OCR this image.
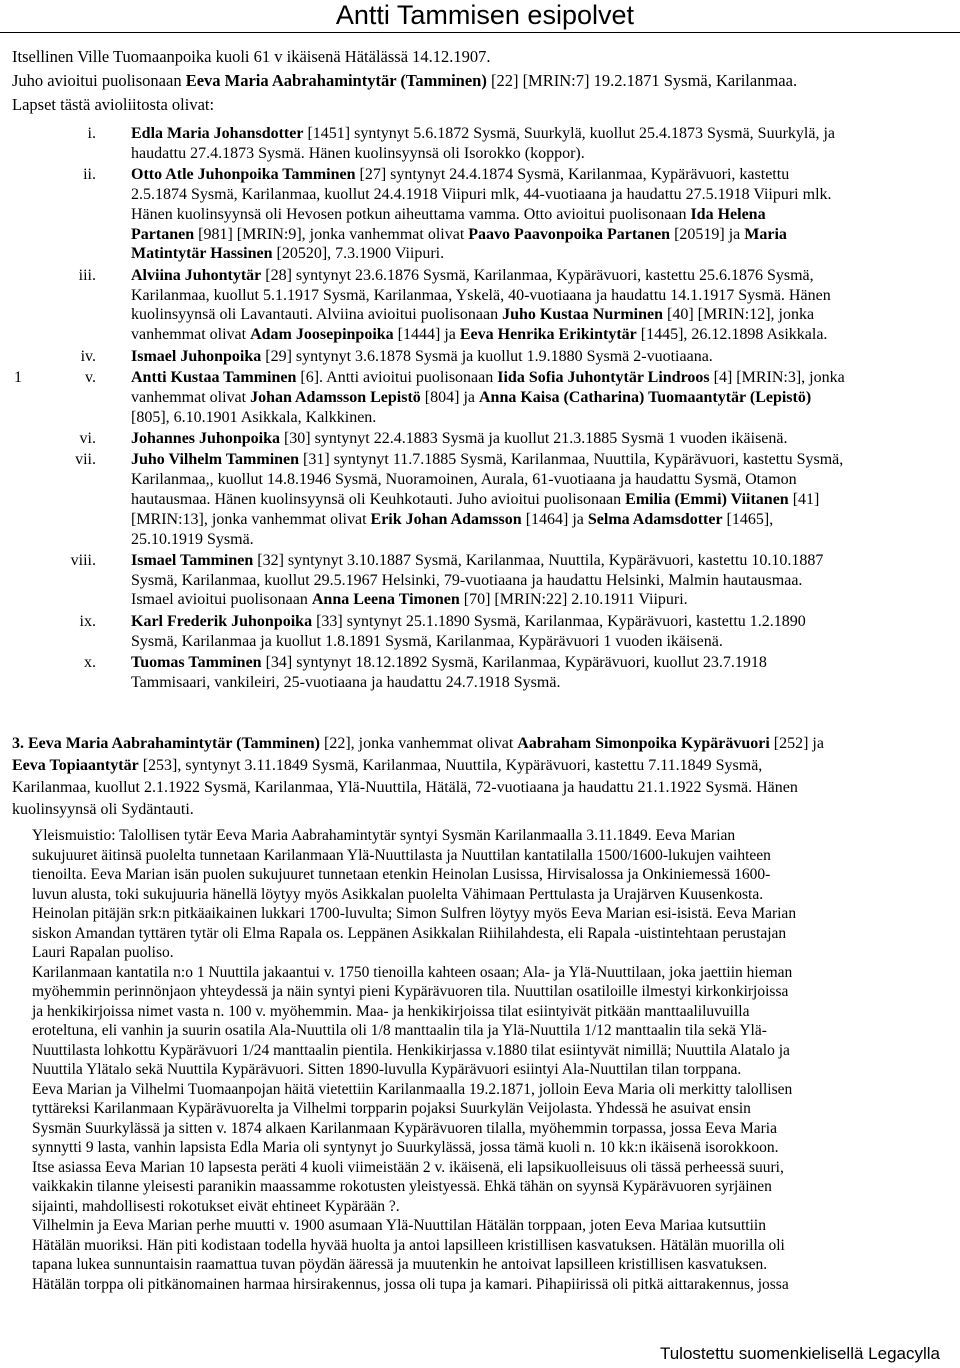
Antti Tammisen esipolvet
Itsellinen Ville Tuomaanpoika kuoli 61 v ikäisenä Hätälässä 14.12.1907.
Juho avioitui puolisonaan Eeva Maria Aabrahamintytär (Tamminen) [22] [MRIN:7] 19.2.1871 Sysmä, Karilanmaa.
Lapset tästä avioliitosta olivat:
i. Edla Maria Johansdotter [1451] syntynyt 5.6.1872 Sysmä, Suurkylä, kuollut 25.4.1873 Sysmä, Suurkylä, ja
haudattu 27.4.1873 Sysmä. Hänen kuolinsyynsä oli Isorokko (koppor).
ii. Otto Atle Juhonpoika Tamminen [27] syntynyt 24.4.1874 Sysmä, Karilanmaa, Kypärävuori, kastettu
2.5.1874 Sysmä, Karilanmaa, kuollut 24.4.1918 Viipuri mlk, 44-vuotiaana ja haudattu 27.5.1918 Viipuri mlk.
Hänen kuolinsyynsä oli Hevosen potkun aiheuttama vamma. Otto avioitui puolisonaan Ida Helena
Partanen [981] [MRIN:9], jonka vanhemmat olivat Paavo Paavonpoika Partanen [20519] ja Maria
Matintytär Hassinen [20520], 7.3.1900 Viipuri.
iii. Alviina Juhontytär [28] syntynyt 23.6.1876 Sysmä, Karilanmaa, Kypärävuori, kastettu 25.6.1876 Sysmä,
Karilanmaa, kuollut 5.1.1917 Sysmä, Karilanmaa, Yskelä, 40-vuotiaana ja haudattu 14.1.1917 Sysmä. Hänen
kuolinsyynsä oli Lavantauti. Alviina avioitui puolisonaan Juho Kustaa Nurminen [40] [MRIN:12], jonka
vanhemmat olivat Adam Joosepinpoika [1444] ja Eeva Henrika Erikintytär [1445], 26.12.1898 Asikkala.
iv. Ismael Juhonpoika [29] syntynyt 3.6.1878 Sysmä ja kuollut 1.9.1880 Sysmä 2-vuotiaana.
1	v. Antti Kustaa Tamminen [6]. Antti avioitui puolisonaan Iida Sofia Juhontytär Lindroos [4] [MRIN:3], jonka
vanhemmat olivat Johan Adamsson Lepistö [804] ja Anna Kaisa (Catharina) Tuomaantytär (Lepistö)
[805], 6.10.1901 Asikkala, Kalkkinen.
vi. Johannes Juhonpoika [30] syntynyt 22.4.1883 Sysmä ja kuollut 21.3.1885 Sysmä 1 vuoden ikäisenä.
vii. Juho Vilhelm Tamminen [31] syntynyt 11.7.1885 Sysmä, Karilanmaa, Nuuttila, Kypärävuori, kastettu Sysmä,
Karilanmaa,, kuollut 14.8.1946 Sysmä, Nuoramoinen, Aurala, 61-vuotiaana ja haudattu Sysmä, Otamon
hautausmaa. Hänen kuolinsyynsä oli Keuhkotauti. Juho avioitui puolisonaan Emilia (Emmi) Viitanen [41]
[MRIN:13], jonka vanhemmat olivat Erik Johan Adamsson [1464] ja Selma Adamsdotter [1465],
25.10.1919 Sysmä.
viii. Ismael Tamminen [32] syntynyt 3.10.1887 Sysmä, Karilanmaa, Nuuttila, Kypärävuori, kastettu 10.10.1887
Sysmä, Karilanmaa, kuollut 29.5.1967 Helsinki, 79-vuotiaana ja haudattu Helsinki, Malmin hautausmaa.
Ismael avioitui puolisonaan Anna Leena Timonen [70] [MRIN:22] 2.10.1911 Viipuri.
ix. Karl Frederik Juhonpoika [33] syntynyt 25.1.1890 Sysmä, Karilanmaa, Kypärävuori, kastettu 1.2.1890
Sysmä, Karilanmaa ja kuollut 1.8.1891 Sysmä, Karilanmaa, Kypärävuori 1 vuoden ikäisenä.
x. Tuomas Tamminen [34] syntynyt 18.12.1892 Sysmä, Karilanmaa, Kypärävuori, kuollut 23.7.1918
Tammisaari, vankileiri, 25-vuotiaana ja haudattu 24.7.1918 Sysmä.
3. Eeva Maria Aabrahamintytär (Tamminen) [22], jonka vanhemmat olivat Aabraham Simonpoika Kypärävuori [252] ja
Eeva Topiaantytär [253], syntynyt 3.11.1849 Sysmä, Karilanmaa, Nuuttila, Kypärävuori, kastettu 7.11.1849 Sysmä,
Karilanmaa, kuollut 2.1.1922 Sysmä, Karilanmaa, Ylä-Nuuttila, Hätälä, 72-vuotiaana ja haudattu 21.1.1922 Sysmä. Hänen
kuolinsyynsä oli Sydäntauti.
Yleismuistio: Talollisen tytär Eeva Maria Aabrahamintytär syntyi Sysmän Karilanmaalla 3.11.1849. Eeva Marian
sukujuuret äitinsä puolelta tunnetaan Karilanmaan Ylä-Nuuttilasta ja Nuuttilan kantatilalla 1500/1600-lukujen vaihteen
tienoilta. Eeva Marian isän puolen sukujuuret tunnetaan etenkin Heinolan Lusissa, Hirvisalossa ja Onkiniemessä 1600-
luvun alusta, toki sukujuuria hänellä löytyy myös Asikkalan puolelta Vähimaan Perttulasta ja Urajärven Kuusenkosta.
Heinolan pitäjän srk:n pitkäaikainen lukkari 1700-luvulta; Simon Sulfren löytyy myös Eeva Marian esi-isistä. Eeva Marian
siskon Amandan tyttären tytär oli Elma Rapala os. Leppänen Asikkalan Riihilahdesta, eli Rapala -uistintehtaan perustajan
Lauri Rapalan puoliso.
Karilanmaan kantatila n:o 1 Nuuttila jakaantui v. 1750 tienoilla kahteen osaan; Ala- ja Ylä-Nuuttilaan, joka jaettiin hieman
myöhemmin perinnönjaon yhteydessä ja näin syntyi pieni Kypärävuoren tila. Nuuttilan osatiloille ilmestyi kirkonkirjoissa
ja henkikirjoissa nimet vasta n. 100 v. myöhemmin. Maa- ja henkikirjoissa tilat esiintyivät pitkään manttaaliluvuilla
eroteltuna, eli vanhin ja suurin osatila Ala-Nuuttila oli 1/8 manttaalin tila ja Ylä-Nuuttila 1/12 manttaalin tila sekä Ylä-
Nuuttilasta lohkottu Kypärävuori 1/24 manttaalin pientila. Henkikirjassa v.1880 tilat esiintyvät nimillä; Nuuttila Alatalo ja
Nuuttila Ylätalo sekä Nuuttila Kypärävuori. Sitten 1890-luvulla Kypärävuori esiintyi Ala-Nuuttilan tilan torppana.
Eeva Marian ja Vilhelmi Tuomaanpojan häitä vietettiin Karilanmaalla 19.2.1871, jolloin Eeva Maria oli merkitty talollisen
tyttäreksi Karilanmaan Kypärävuorelta ja Vilhelmi torpparin pojaksi Suurkylän Veijolasta. Yhdessä he asuivat ensin
Sysmän Suurkylässä ja sitten v. 1874 alkaen Karilanmaan Kypärävuoren tilalla, myöhemmin torpassa, jossa Eeva Maria
synnytti 9 lasta, vanhin lapsista Edla Maria oli syntynyt jo Suurkylässä, jossa tämä kuoli n. 10 kk:n ikäisenä isorokkoon.
Itse asiassa Eeva Marian 10 lapsesta peräti 4 kuoli viimeistään 2 v. ikäisenä, eli lapsikuolleisuus oli tässä perheessä suuri,
vaikkakin tilanne yleisesti paranikin maassamme rokotusten yleistyessä. Ehkä tähän on syynsä Kypärävuoren syrjäinen
sijainti, mahdollisesti rokotukset eivät ehtineet Kypärään ?.
Vilhelmin ja Eeva Marian perhe muutti v. 1900 asumaan Ylä-Nuuttilan Hätälän torppaan, joten Eeva Mariaa kutsuttiin
Hätälän muoriksi. Hän piti kodistaan todella hyvää huolta ja antoi lapsilleen kristillisen kasvatuksen. Hätälän muorilla oli
tapana lukea sunnuntaisin raamattua tuvan pöydän ääressä ja muutenkin he antoivat lapsilleen kristillisen kasvatuksen.
Hätälän torppa oli pitkänomainen harmaa hirsirakennus, jossa oli tupa ja kamari. Pihapiirissä oli pitkä aittarakennus, jossa
Tulostettu suomenkielisellä Legacylla
